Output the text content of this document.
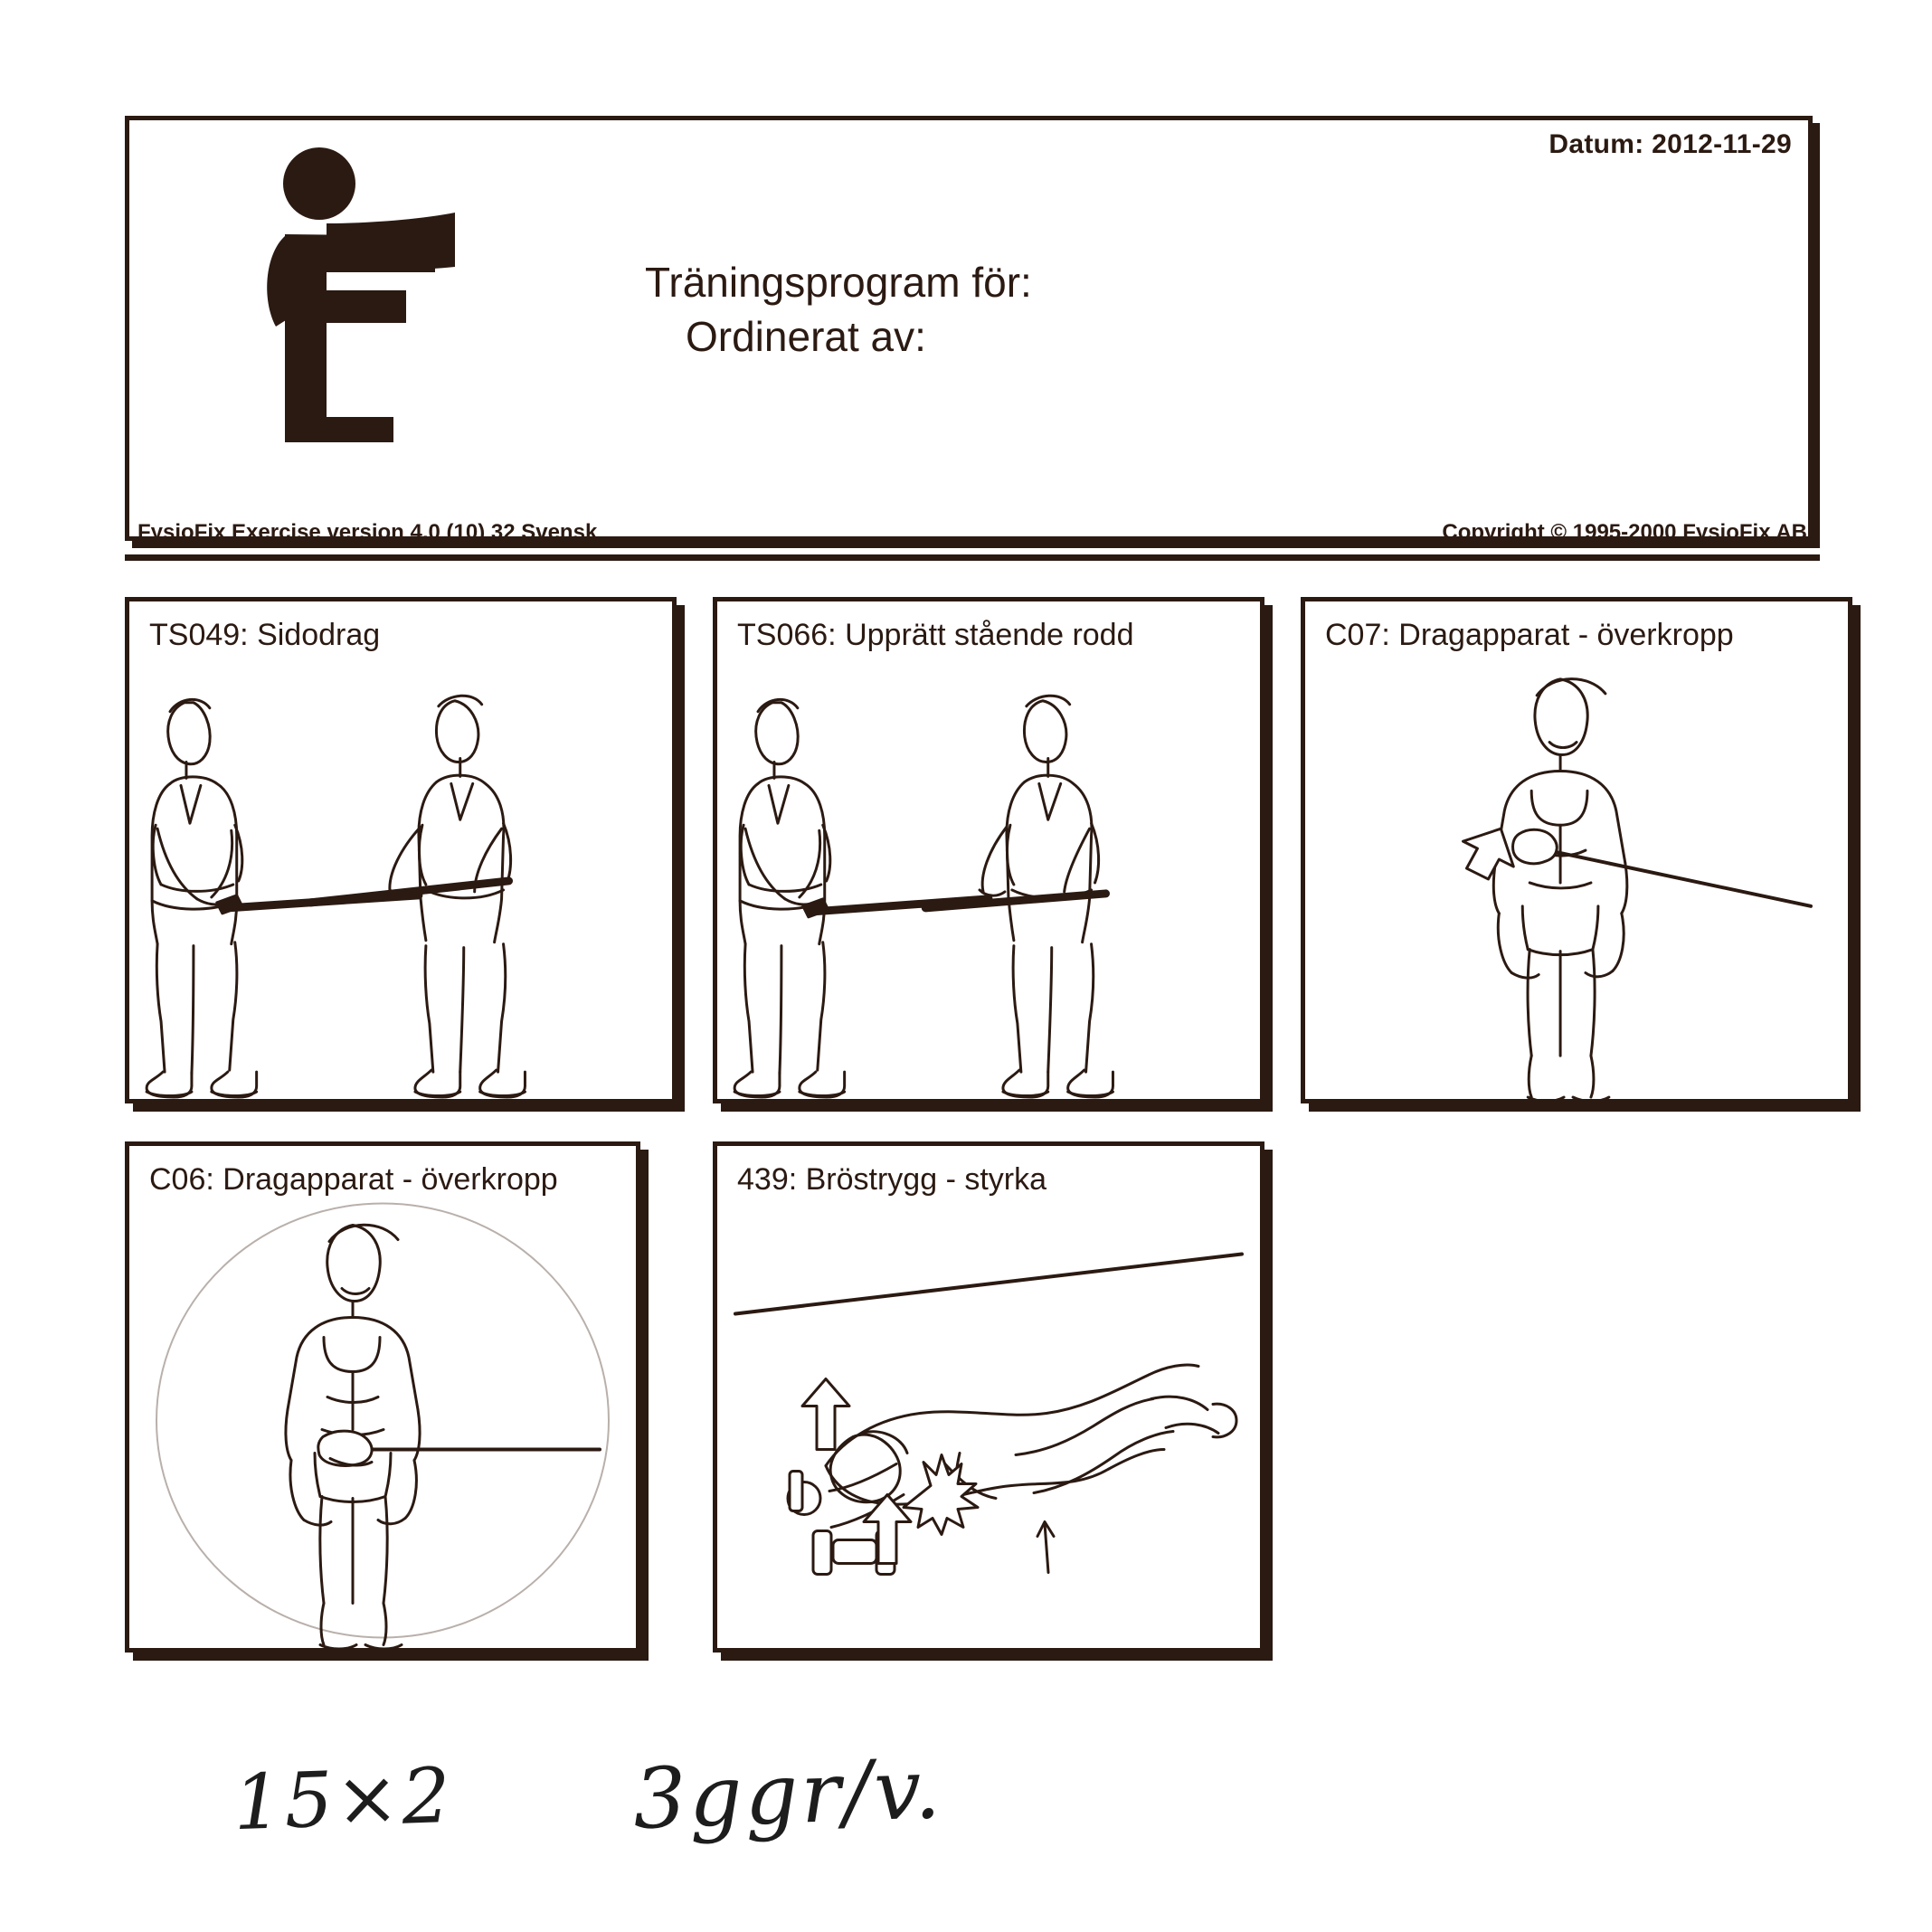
Datum: 2012-11-29
Träningsprogram för:
Ordinerat av:
FysioFix Exercise version 4.0 (10) 32 Svensk	Copyright © 1995-2000 FysioFix AB
TS049: Sidodrag	TS066: Upprätt stående rodd	C07: Dragapparat - överkropp
C06: Dragapparat - överkropp	439: Bröstrygg - styrka
15×2 3ggr/v.
